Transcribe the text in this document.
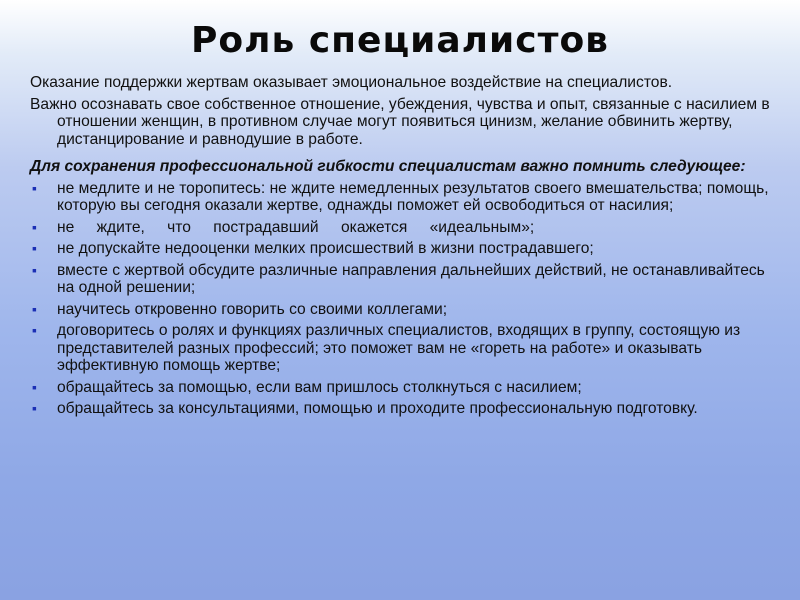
Роль специалистов

Оказание поддержки жертвам оказывает эмоциональное воздействие на специалистов.

Важно осознавать свое собственное отношение, убеждения, чувства и опыт, связанные с насилием в отношении женщин, в противном случае могут появиться цинизм, желание обвинить жертву, дистанцирование и равнодушие в работе.

Для сохранения профессиональной гибкости специалистам важно помнить следующее:

▪ не медлите и не торопитесь: не ждите немедленных результатов своего вмешательства; помощь, которую вы сегодня оказали жертве, однажды поможет ей освободиться от насилия;
▪ не ждите, что пострадавший окажется «идеальным»;
▪ не допускайте недооценки мелких происшествий в жизни пострадавшего;
▪ вместе с жертвой обсудите различные направления дальнейших действий, не останавливайтесь на одной решении;
▪ научитесь откровенно говорить со своими коллегами;
▪ договоритесь о ролях и функциях различных специалистов, входящих в группу, состоящую из представителей разных профессий; это поможет вам не «гореть на работе» и оказывать эффективную помощь жертве;
▪ обращайтесь за помощью, если вам пришлось столкнуться с насилием;
▪ обращайтесь за консультациями, помощью и проходите профессиональную подготовку.
